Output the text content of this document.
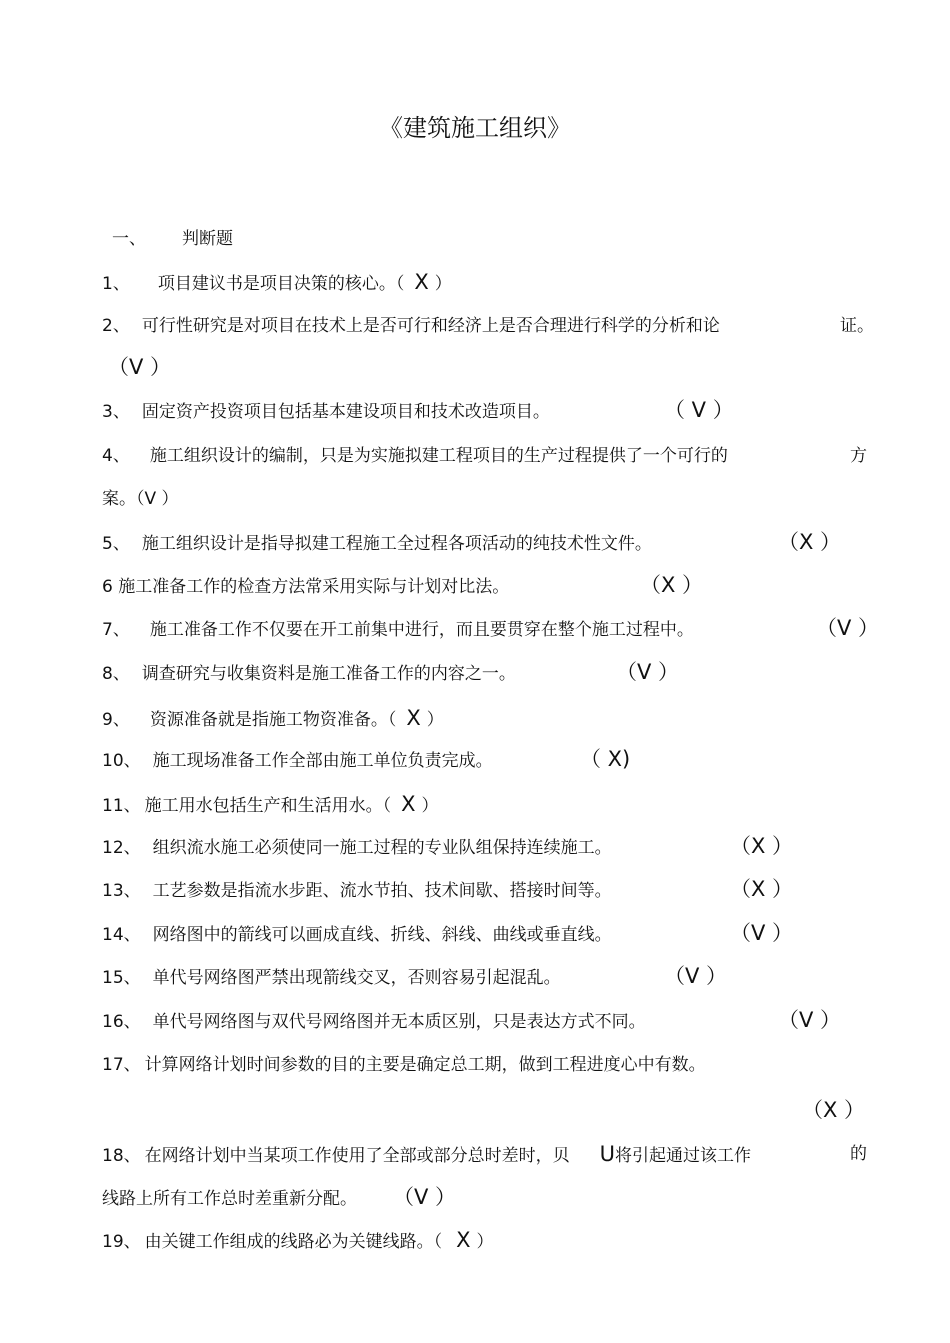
《建筑施工组织》
一、 判断题
1、 项目建议书是项目决策的核心。（ X ）
2、 可行性研究是对项目在技术上是否可行和经济上是否合理进行科学的分析和论	证。
（V ）
3、 固定资产投资项目包括基本建设项目和技术改造项目。	（ V ）
4、 施工组织设计的编制，只是为实施拟建工程项目的生产过程提供了一个可行的	方
案。（V ）
5、 施工组织设计是指导拟建工程施工全过程各项活动的纯技术性文件。	（X ）
6 施工准备工作的检查方法常采用实际与计划对比法。	（X ）
7、 施工准备工作不仅要在开工前集中进行，而且要贯穿在整个施工过程中。	（V ）
8、 调查研究与收集资料是施工准备工作的内容之一。	（V ）
9、 资源准备就是指施工物资准备。（ X ）
10、 施工现场准备工作全部由施工单位负责完成。	（ X)
11、 施工用水包括生产和生活用水。（ X ）
12、 组织流水施工必须使同一施工过程的专业队组保持连续施工。	（X ）
13、 工艺参数是指流水步距、流水节拍、技术间歇、搭接时间等。	（X ）
14、 网络图中的箭线可以画成直线、折线、斜线、曲线或垂直线。	（V ）
15、 单代号网络图严禁出现箭线交叉，否则容易引起混乱。	（V ）
16、 单代号网络图与双代号网络图并无本质区别，只是表达方式不同。	（V ）
17、 计算网络计划时间参数的目的主要是确定总工期，做到工程进度心中有数。
（X ）
18、 在网络计划中当某项工作使用了全部或部分总时差时，贝 U将引起通过该工作	的
线路上所有工作总时差重新分配。 （V ）
19、 由关键工作组成的线路必为关键线路。（ X ）
